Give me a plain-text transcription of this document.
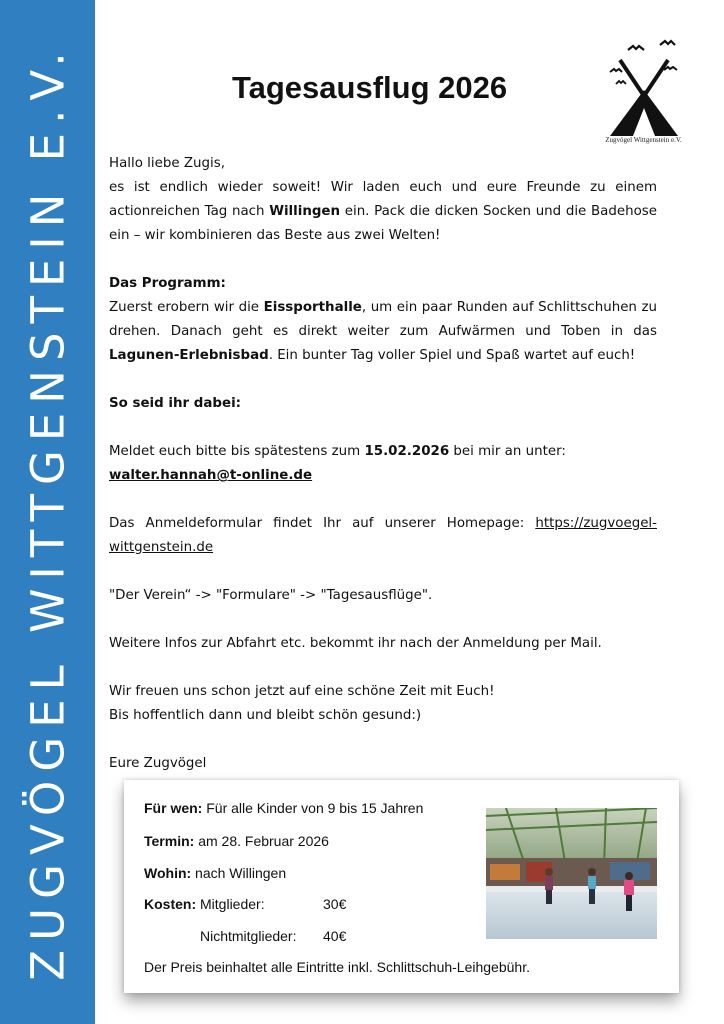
ZUGVÖGEL WITTGENSTEIN E.V.	Tagesausflug 2026
Zugvögel Wittgenstein e.V.

Hallo liebe Zugis,

es ist endlich wieder soweit! Wir laden euch und eure Freunde zu einem actionreichen Tag nach Willingen ein. Pack die dicken Socken und die Badehose ein – wir kombinieren das Beste aus zwei Welten!

Das Programm:

Zuerst erobern wir die Eissporthalle, um ein paar Runden auf Schlittschuhen zu drehen. Danach geht es direkt weiter zum Aufwärmen und Toben in das Lagunen-Erlebnisbad. Ein bunter Tag voller Spiel und Spaß wartet auf euch!

So seid ihr dabei:

Meldet euch bitte bis spätestens zum 15.02.2026 bei mir an unter:

walter.hannah@t-online.de

Das Anmeldeformular findet Ihr auf unserer Homepage: https://zugvoegel-wittgenstein.de

"Der Verein“ -> "Formulare" -> "Tagesausflüge".

Weitere Infos zur Abfahrt etc. bekommt ihr nach der Anmeldung per Mail.

Wir freuen uns schon jetzt auf eine schöne Zeit mit Euch!

Bis hoffentlich dann und bleibt schön gesund:)

Eure Zugvögel

Für wen: Für alle Kinder von 9 bis 15 Jahren
Termin: am 28. Februar 2026
Wohin: nach Willingen
Kosten: Mitglieder:	30€
Nichtmitglieder: 40€
Der Preis beinhaltet alle Eintritte inkl. Schlittschuh-Leihgebühr.
